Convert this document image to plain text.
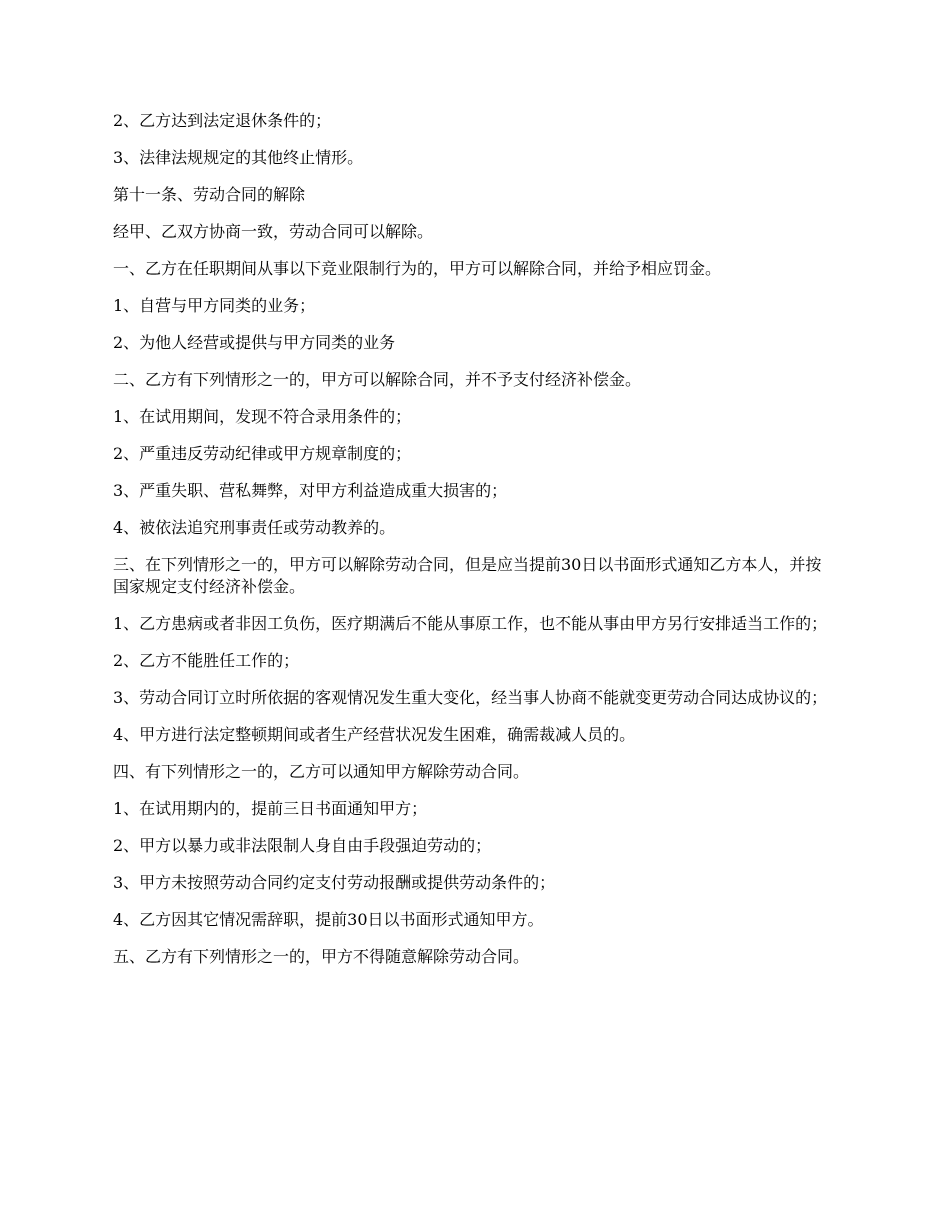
2、乙方达到法定退休条件的；

3、法律法规规定的其他终止情形。

第十一条、劳动合同的解除

经甲、乙双方协商一致，劳动合同可以解除。

一、乙方在任职期间从事以下竞业限制行为的，甲方可以解除合同，并给予相应罚金。

1、自营与甲方同类的业务；

2、为他人经营或提供与甲方同类的业务

二、乙方有下列情形之一的，甲方可以解除合同，并不予支付经济补偿金。

1、在试用期间，发现不符合录用条件的；

2、严重违反劳动纪律或甲方规章制度的；

3、严重失职、营私舞弊，对甲方利益造成重大损害的；

4、被依法追究刑事责任或劳动教养的。

三、在下列情形之一的，甲方可以解除劳动合同，但是应当提前30日以书面形式通知乙方本人，并按国家规定支付经济补偿金。

1、乙方患病或者非因工负伤，医疗期满后不能从事原工作，也不能从事由甲方另行安排适当工作的；

2、乙方不能胜任工作的；

3、劳动合同订立时所依据的客观情况发生重大变化，经当事人协商不能就变更劳动合同达成协议的；

4、甲方进行法定整顿期间或者生产经营状况发生困难，确需裁减人员的。

四、有下列情形之一的，乙方可以通知甲方解除劳动合同。

1、在试用期内的，提前三日书面通知甲方；

2、甲方以暴力或非法限制人身自由手段强迫劳动的；

3、甲方未按照劳动合同约定支付劳动报酬或提供劳动条件的；

4、乙方因其它情况需辞职，提前30日以书面形式通知甲方。

五、乙方有下列情形之一的，甲方不得随意解除劳动合同。
